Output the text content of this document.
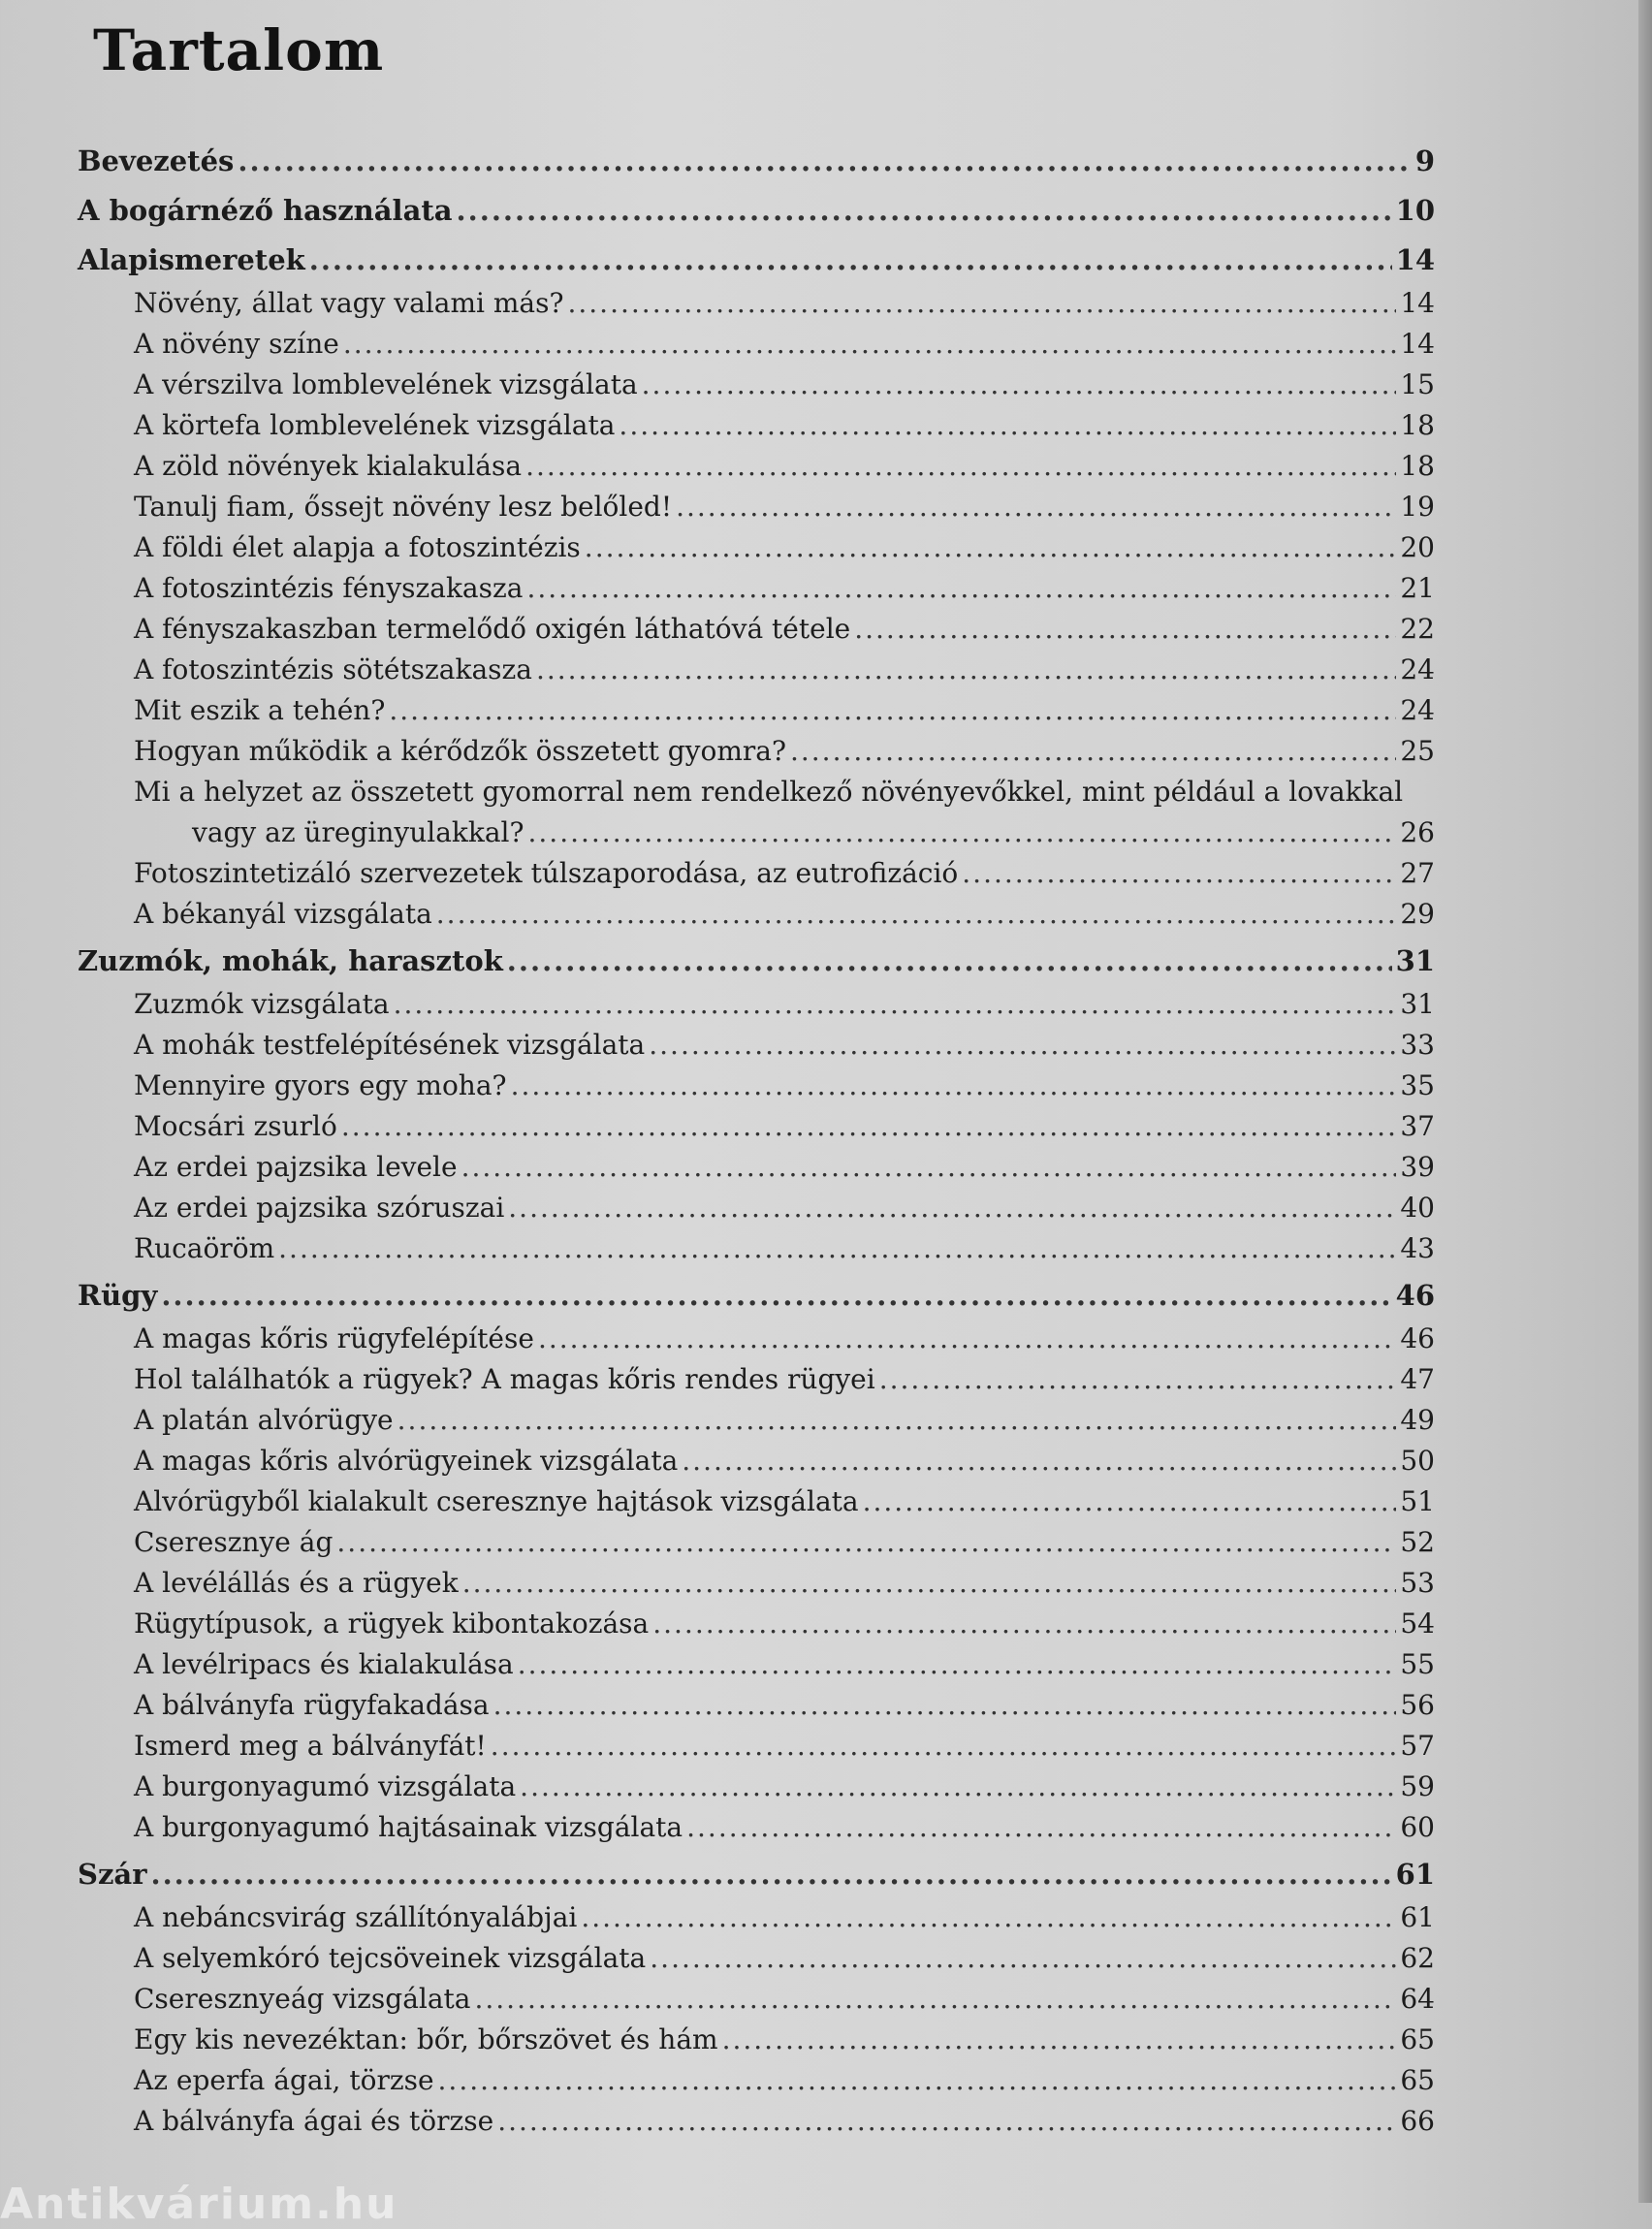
Tartalom
Bevezetés .....	9
A bogárnéző használata .....	10
Alapismeretek .....	14
Növény, állat vagy valami más? .....	14
A növény színe .....	14
A vérszilva lomblevelének vizsgálata .....	15
A körtefa lomblevelének vizsgálata .....	18
A zöld növények kialakulása .....	18
Tanulj fiam, őssejt növény lesz belőled! .....	19
A földi élet alapja a fotoszintézis .....	20
A fotoszintézis fényszakasza .....	21
A fényszakaszban termelődő oxigén láthatóvá tétele .....	22
A fotoszintézis sötétszakasza .....	24
Mit eszik a tehén? .....	24
Hogyan működik a kérődzők összetett gyomra? .....	25
Mi a helyzet az összetett gyomorral nem rendelkező növényevőkkel, mint például a lovakkal
vagy az üreginyulakkal? .....	26
Fotoszintetizáló szervezetek túlszaporodása, az eutrofizáció .....	27
A békanyál vizsgálata .....	29
Zuzmók, mohák, harasztok .....	31
Zuzmók vizsgálata .....	31
A mohák testfelépítésének vizsgálata .....	33
Mennyire gyors egy moha? .....	35
Mocsári zsurló .....	37
Az erdei pajzsika levele .....	39
Az erdei pajzsika szóruszai .....	40
Rucaöröm .....	43
Rügy .....	46
A magas kőris rügyfelépítése .....	46
Hol találhatók a rügyek? A magas kőris rendes rügyei .....	47
A platán alvórügye .....	49
A magas kőris alvórügyeinek vizsgálata .....	50
Alvórügyből kialakult cseresznye hajtások vizsgálata .....	51
Cseresznye ág .....	52
A levélállás és a rügyek .....	53
Rügytípusok, a rügyek kibontakozása .....	54
A levélripacs és kialakulása .....	55
A bálványfa rügyfakadása .....	56
Ismerd meg a bálványfát! .....	57
A burgonyagumó vizsgálata .....	59
A burgonyagumó hajtásainak vizsgálata .....	60
Szár .....	61
A nebáncsvirág szállítónyalábjai .....	61
A selyemkóró tejcsöveinek vizsgálata .....	62
Cseresznyeág vizsgálata .....	64
Egy kis nevezéktan: bőr, bőrszövet és hám .....	65
Az eperfa ágai, törzse .....	65
A bálványfa ágai és törzse .....	66
Antikvárium.hu
